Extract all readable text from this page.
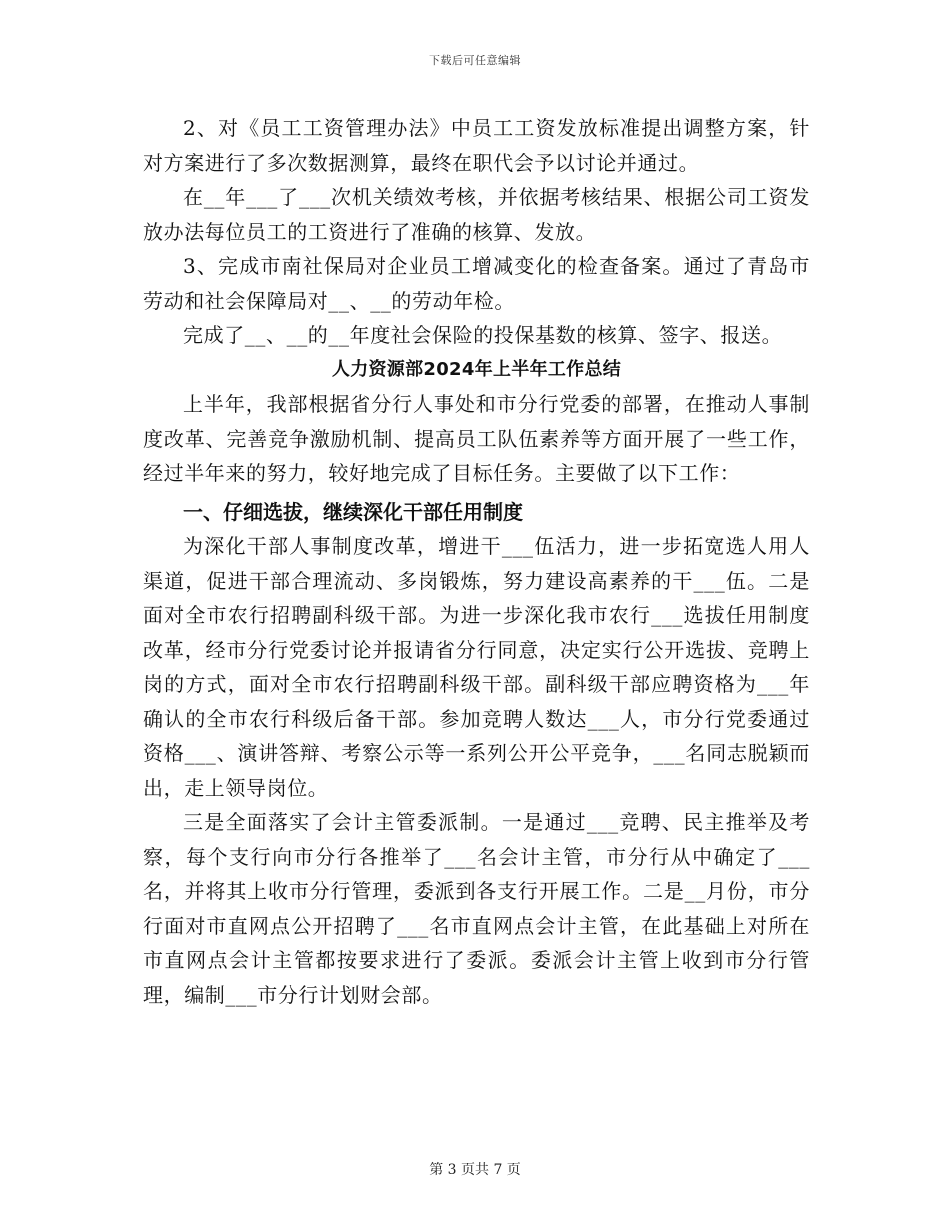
下载后可任意编辑

2、对《员工工资管理办法》中员工工资发放标准提出调整方案，针对方案进行了多次数据测算，最终在职代会予以讨论并通过。

在__年___了___次机关绩效考核，并依据考核结果、根据公司工资发放办法每位员工的工资进行了准确的核算、发放。

3、完成市南社保局对企业员工增减变化的检查备案。通过了青岛市劳动和社会保障局对__、__的劳动年检。

完成了__、__的__年度社会保险的投保基数的核算、签字、报送。

人力资源部2024年上半年工作总结

上半年，我部根据省分行人事处和市分行党委的部署，在推动人事制度改革、完善竞争激励机制、提高员工队伍素养等方面开展了一些工作，经过半年来的努力，较好地完成了目标任务。主要做了以下工作：

一、仔细选拔，继续深化干部任用制度

为深化干部人事制度改革，增进干___伍活力，进一步拓宽选人用人渠道，促进干部合理流动、多岗锻炼，努力建设高素养的干___伍。二是面对全市农行招聘副科级干部。为进一步深化我市农行___选拔任用制度改革，经市分行党委讨论并报请省分行同意，决定实行公开选拔、竞聘上岗的方式，面对全市农行招聘副科级干部。副科级干部应聘资格为___年确认的全市农行科级后备干部。参加竞聘人数达___人，市分行党委通过资格___、演讲答辩、考察公示等一系列公开公平竞争，___名同志脱颖而出，走上领导岗位。

三是全面落实了会计主管委派制。一是通过___竞聘、民主推举及考察，每个支行向市分行各推举了___名会计主管，市分行从中确定了___名，并将其上收市分行管理，委派到各支行开展工作。二是__月份，市分行面对市直网点公开招聘了___名市直网点会计主管，在此基础上对所在市直网点会计主管都按要求进行了委派。委派会计主管上收到市分行管理，编制___市分行计划财会部。

第 3 页共 7 页
